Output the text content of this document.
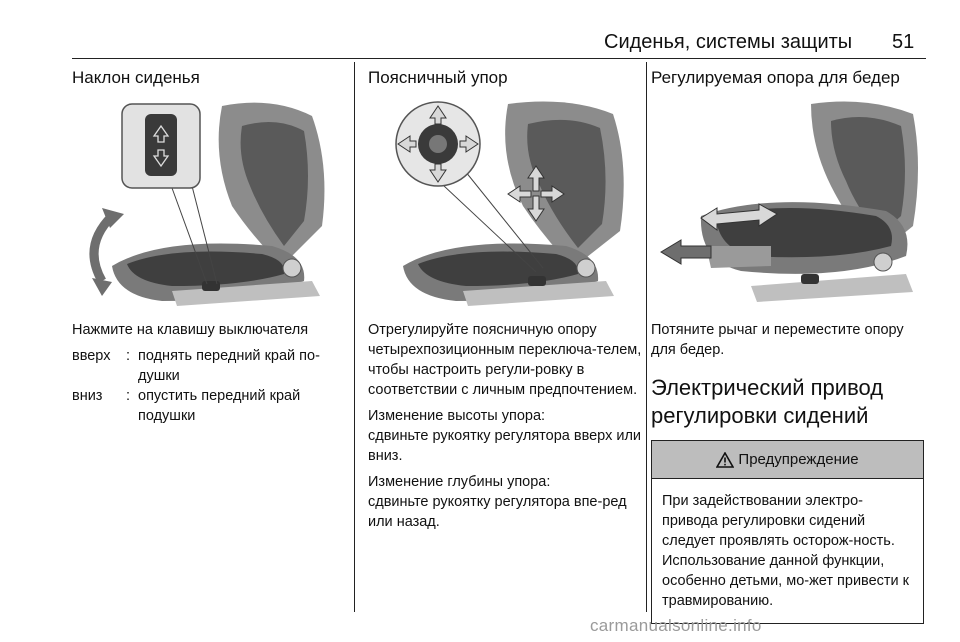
Сиденья, системы защиты 51
Наклон сиденья
Нажмите на клавишу выключателя
вверх	: поднять передний край по-душки
вниз	: опустить передний край подушки
Поясничный упор
Отрегулируйте поясничную опору четырехпозиционным переключа-телем, чтобы настроить регули-ровку в соответствии с личным предпочтением.
Изменение высоты упора:
сдвиньте рукоятку регулятора вверх или вниз.
Изменение глубины упора:
сдвиньте рукоятку регулятора впе-ред или назад.
Регулируемая опора для бедер
Потяните рычаг и переместите опору для бедер.
Электрический привод регулировки сидений
Предупреждение
При задействовании электро-привода регулировки сидений следует проявлять осторож-ность. Использование данной функции, особенно детьми, мо-жет привести к травмированию.
carmanualsonline.info
